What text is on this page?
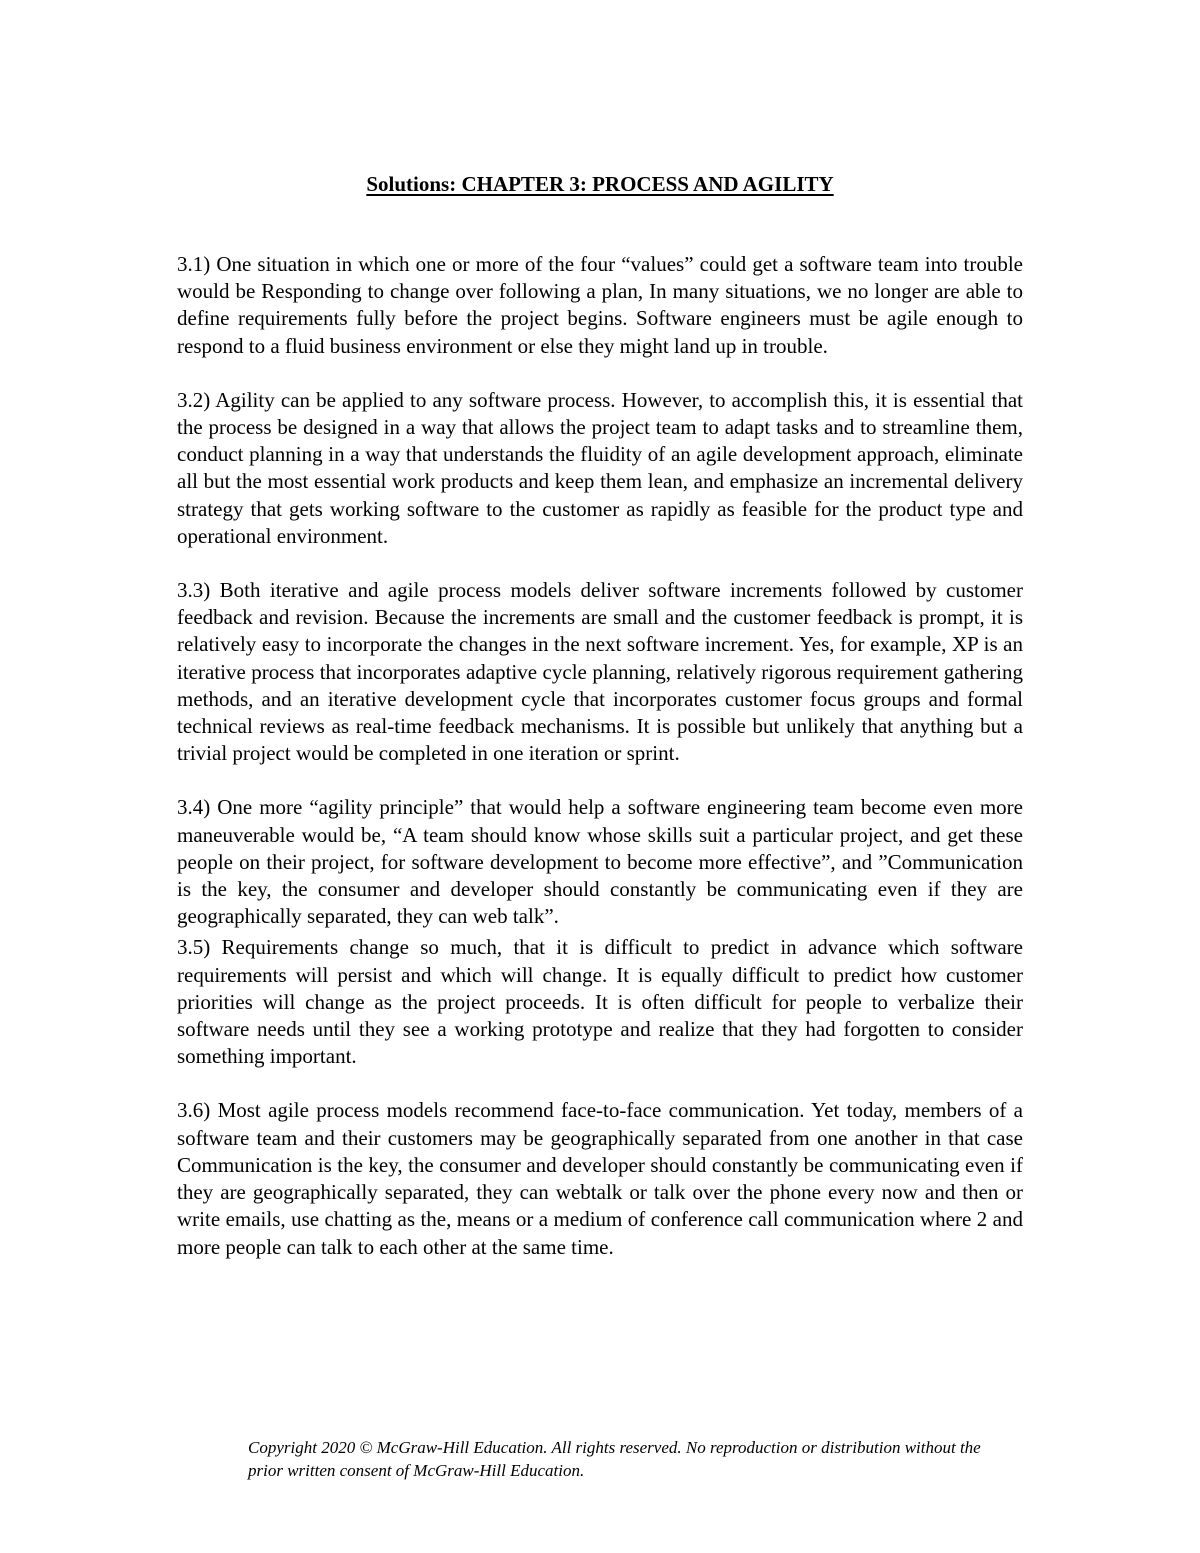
Solutions: CHAPTER 3: PROCESS AND AGILITY

3.1) One situation in which one or more of the four “values” could get a software team into trouble would be Responding to change over following a plan, In many situations, we no longer are able to define requirements fully before the project begins. Software engineers must be agile enough to respond to a fluid business environment or else they might land up in trouble.

3.2) Agility can be applied to any software process. However, to accomplish this, it is essential that the process be designed in a way that allows the project team to adapt tasks and to streamline them, conduct planning in a way that understands the fluidity of an agile development approach, eliminate all but the most essential work products and keep them lean, and emphasize an incremental delivery strategy that gets working software to the customer as rapidly as feasible for the product type and operational environment.

3.3) Both iterative and agile process models deliver software increments followed by customer feedback and revision. Because the increments are small and the customer feedback is prompt, it is relatively easy to incorporate the changes in the next software increment. Yes, for example, XP is an iterative process that incorporates adaptive cycle planning, relatively rigorous requirement gathering methods, and an iterative development cycle that incorporates customer focus groups and formal technical reviews as real-time feedback mechanisms. It is possible but unlikely that anything but a trivial project would be completed in one iteration or sprint.

3.4) One more “agility principle” that would help a software engineering team become even more maneuverable would be, “A team should know whose skills suit a particular project, and get these people on their project, for software development to become more effective”, and ”Communication is the key, the consumer and developer should constantly be communicating even if they are geographically separated, they can web talk”.

3.5) Requirements change so much, that it is difficult to predict in advance which software requirements will persist and which will change. It is equally difficult to predict how customer priorities will change as the project proceeds. It is often difficult for people to verbalize their software needs until they see a working prototype and realize that they had forgotten to consider something important.

3.6) Most agile process models recommend face-to-face communication. Yet today, members of a software team and their customers may be geographically separated from one another in that case Communication is the key, the consumer and developer should constantly be communicating even if they are geographically separated, they can webtalk or talk over the phone every now and then or write emails, use chatting as the, means or a medium of conference call communication where 2 and more people can talk to each other at the same time.

Copyright 2020 © McGraw-Hill Education. All rights reserved. No reproduction or distribution without the prior written consent of McGraw-Hill Education.
